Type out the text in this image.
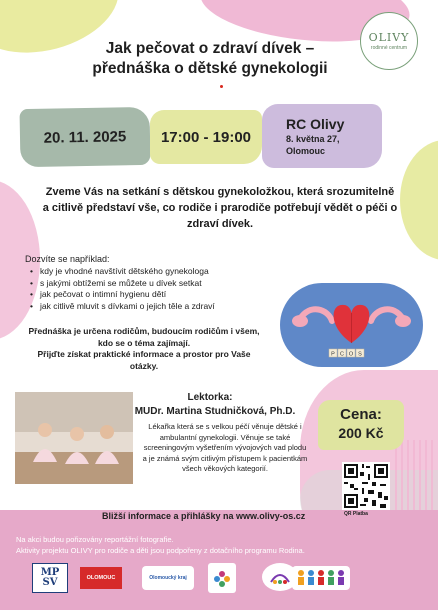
OLIVY
rodinné centrum
Jak pečovat o zdraví dívek –
přednáška o dětské gynekologii
20. 11. 2025 17:00 - 19:00
RC Olivy
8. května 27,
Olomouc
Zveme Vás na setkání s dětskou gynekoložkou, která srozumitelně a citlivě představí vše, co rodiče i prarodiče potřebují vědět o péči o zdraví dívek.
Dozvíte se například:
• kdy je vhodné navštívit dětského gynekologa
• s jakými obtížemi se můžete u dívek setkat
• jak pečovat o intimní hygienu dětí
• jak citlivě mluvit s dívkami o jejich těle a zdraví
Přednáška je určena rodičům, budoucím rodičům i všem,
kdo se o téma zajímají.
Přijďte získat praktické informace a prostor pro Vaše
otázky.
P C O S
Lektorka:
MUDr. Martina Studničková, Ph.D.
Lékařka která se s velkou péčí věnuje dětské i ambulantní gynekologii. Věnuje se také screeningovým vyšetřením vývojových vad plodu a je známá svým citlivým přístupem k pacientkám všech věkových kategorií.
Cena:
200 Kč
QR Platba
Bližší informace a přihlášky na www.olivy-os.cz
Na akci budou pořizovány reportážní fotografie.
Aktivity projektu OLIVY pro rodiče a děti jsou podpořeny z dotačního programu Rodina.
MP
SV	OLOMOUC	Olomoucký kraj
